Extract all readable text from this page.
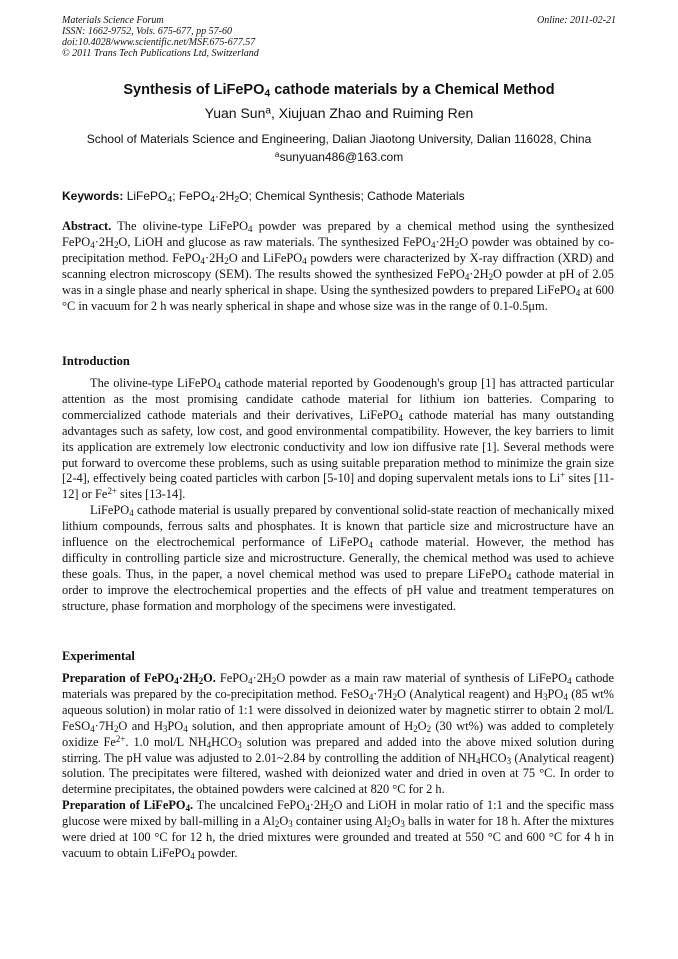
Materials Science Forum
ISSN: 1662-9752, Vols. 675-677, pp 57-60
doi:10.4028/www.scientific.net/MSF.675-677.57
© 2011 Trans Tech Publications Ltd, Switzerland
Online: 2011-02-21
Synthesis of LiFePO$_4$ cathode materials by a Chemical Method
Yuan Sun$^a$, Xiujuan Zhao and Ruiming Ren
School of Materials Science and Engineering, Dalian Jiaotong University, Dalian 116028, China
$^a$sunyuan486@163.com
Keywords: LiFePO$_4$; $FePO_4\cdot 2H_2O$; Chemical Synthesis; Cathode Materials

Abstract. The olivine-type LiFePO$_4$ powder was prepared by a chemical method using the synthesized $FePO_4\cdot 2H_2O$, LiOH and glucose as raw materials. The synthesized $FePO_4\cdot 2H_2O$ powder was obtained by co-precipitation method. $FePO_4\cdot 2H_2O$ and LiFePO$_4$ powders were characterized by X-ray diffraction (XRD) and scanning electron microscopy (SEM). The results showed the synthesized $FePO_4\cdot 2H_2O$ powder at pH of 2.05 was in a single phase and nearly spherical in shape. Using the synthesized powders to prepared LiFePO$_4$ at 600 °C in vacuum for 2 h was nearly spherical in shape and whose size was in the range of 0.1-0.5μm.

Introduction

The olivine-type LiFePO$_4$ cathode material reported by Goodenough's group [1] has attracted particular attention as the most promising candidate cathode material for lithium ion batteries. Comparing to commercialized cathode materials and their derivatives, LiFePO$_4$ cathode material has many outstanding advantages such as safety, low cost, and good environmental compatibility. However, the key barriers to limit its application are extremely low electronic conductivity and low ion diffusive rate [1]. Several methods were put forward to overcome these problems, such as using suitable preparation method to minimize the grain size [2-4], effectively being coated particles with carbon [5-10] and doping supervalent metals ions to Li+ sites [11-12] or $Fe^{2+}$ sites [13-14].

LiFePO$_4$ cathode material is usually prepared by conventional solid-state reaction of mechanically mixed lithium compounds, ferrous salts and phosphates. It is known that particle size and microstructure have an influence on the electrochemical performance of LiFePO$_4$ cathode material. However, the method has difficulty in controlling particle size and microstructure. Generally, the chemical method was used to achieve these goals. Thus, in the paper, a novel chemical method was used to prepare LiFePO$_4$ cathode material in order to improve the electrochemical properties and the effects of pH value and treatment temperatures on structure, phase formation and morphology of the specimens were investigated.

Experimental

Preparation of $FePO_4\cdot 2H_2O$. $FePO_4\cdot 2H_2O$ powder as a main raw material of synthesis of LiFePO$_4$ cathode materials was prepared by the co-precipitation method. $FeSO_4\cdot 7H_2O$ (Analytical reagent) and $H_3PO_4$ (85 wt% aqueous solution) in molar ratio of 1:1 were dissolved in deionized water by magnetic stirrer to obtain 2 mol/L $FeSO_4\cdot 7H_2O$ and $H_3PO_4$ solution, and then appropriate amount of $H_2O_2$ (30 wt%) was added to completely oxidize $Fe^{2+}$. 1.0 mol/L $NH_4HCO_3$ solution was prepared and added into the above mixed solution during stirring. The pH value was adjusted to 2.01~2.84 by controlling the addition of $NH_4HCO_3$ (Analytical reagent) solution. The precipitates were filtered, washed with deionized water and dried in oven at 75 °C. In order to determine precipitates, the obtained powders were calcined at 820 °C for 2 h.

Preparation of LiFePO$_4$. The uncalcined $FePO_4\cdot 2H_2O$ and LiOH in molar ratio of 1:1 and the specific mass glucose were mixed by ball-milling in a $Al_2O_3$ container using $Al_2O_3$ balls in water for 18 h. After the mixtures were dried at 100 °C for 12 h, the dried mixtures were grounded and treated at 550 °C and 600 °C for 4 h in vacuum to obtain LiFePO$_4$ powder.
